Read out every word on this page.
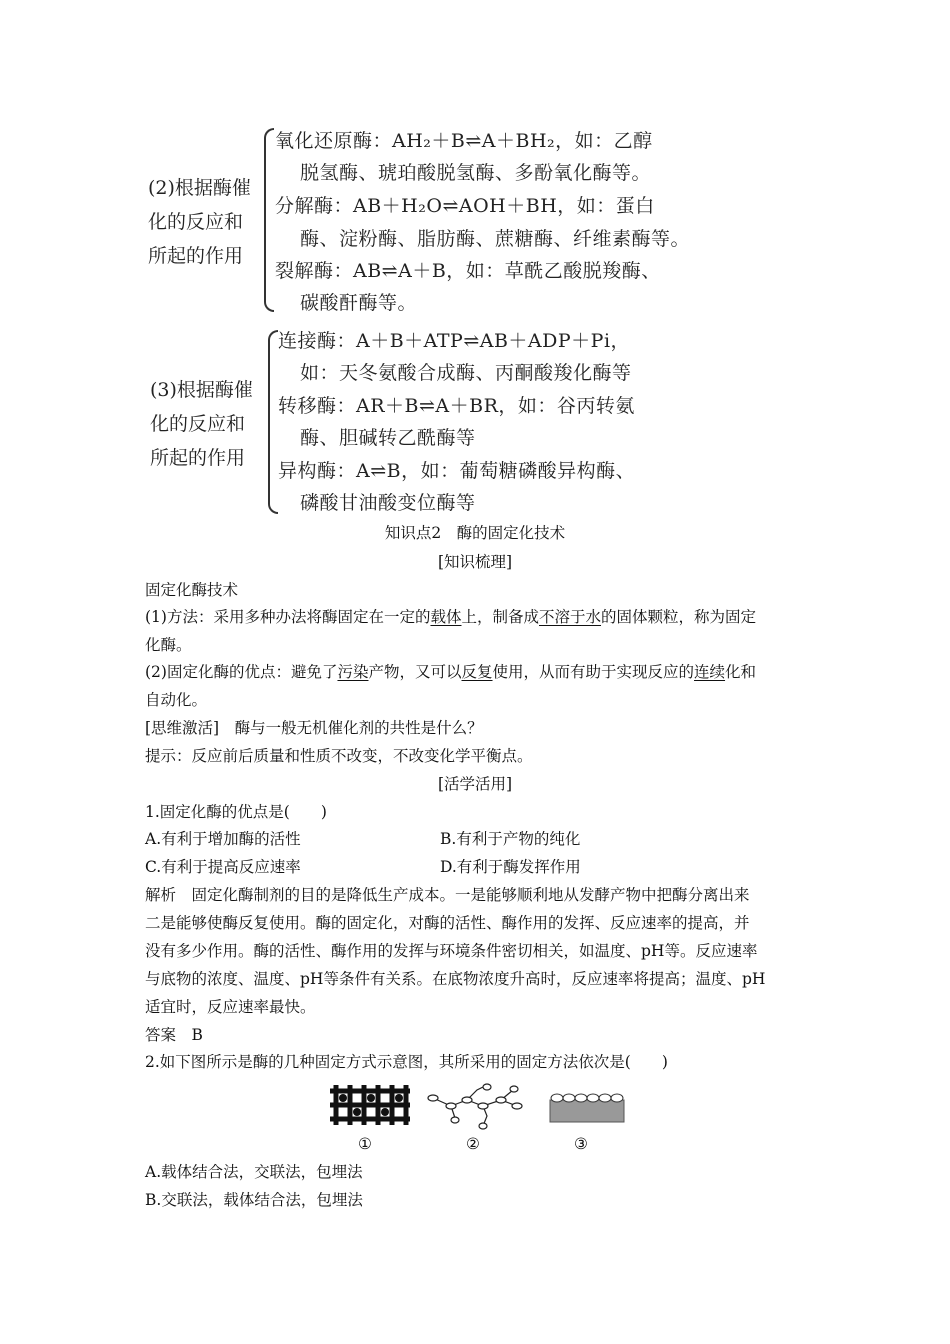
(2)根据酶催
化的反应和
所起的作用
氧化还原酶：AH₂＋B⇌A＋BH₂，如：乙醇
脱氢酶、琥珀酸脱氢酶、多酚氧化酶等。
分解酶：AB＋H₂O⇌AOH＋BH，如：蛋白
酶、淀粉酶、脂肪酶、蔗糖酶、纤维素酶等。
裂解酶：AB⇌A＋B，如：草酰乙酸脱羧酶、
碳酸酐酶等。
(3)根据酶催
化的反应和
所起的作用
连接酶：A＋B＋ATP⇌AB＋ADP＋Pi，
如：天冬氨酸合成酶、丙酮酸羧化酶等
转移酶：AR＋B⇌A＋BR，如：谷丙转氨
酶、胆碱转乙酰酶等
异构酶：A⇌B，如：葡萄糖磷酸异构酶、
磷酸甘油酸变位酶等
知识点2　酶的固定化技术
[知识梳理]
固定化酶技术
(1)方法：采用多种办法将酶固定在一定的载体上，制备成不溶于水的固体颗粒，称为固定
化酶。
(2)固定化酶的优点：避免了污染产物，又可以反复使用，从而有助于实现反应的连续化和
自动化。
[思维激活]　酶与一般无机催化剂的共性是什么？
提示：反应前后质量和性质不改变，不改变化学平衡点。
[活学活用]
1.固定化酶的优点是(　　)
A.有利于增加酶的活性	B.有利于产物的纯化
C.有利于提高反应速率	D.有利于酶发挥作用
解析　固定化酶制剂的目的是降低生产成本。一是能够顺利地从发酵产物中把酶分离出来
二是能够使酶反复使用。酶的固定化，对酶的活性、酶作用的发挥、反应速率的提高，并
没有多少作用。酶的活性、酶作用的发挥与环境条件密切相关，如温度、pH等。反应速率
与底物的浓度、温度、pH等条件有关系。在底物浓度升高时，反应速率将提高；温度、pH
适宜时，反应速率最快。
答案　B
2.如下图所示是酶的几种固定方式示意图，其所采用的固定方法依次是(　　)
①	②	③
A.载体结合法，交联法，包埋法
B.交联法，载体结合法，包埋法
